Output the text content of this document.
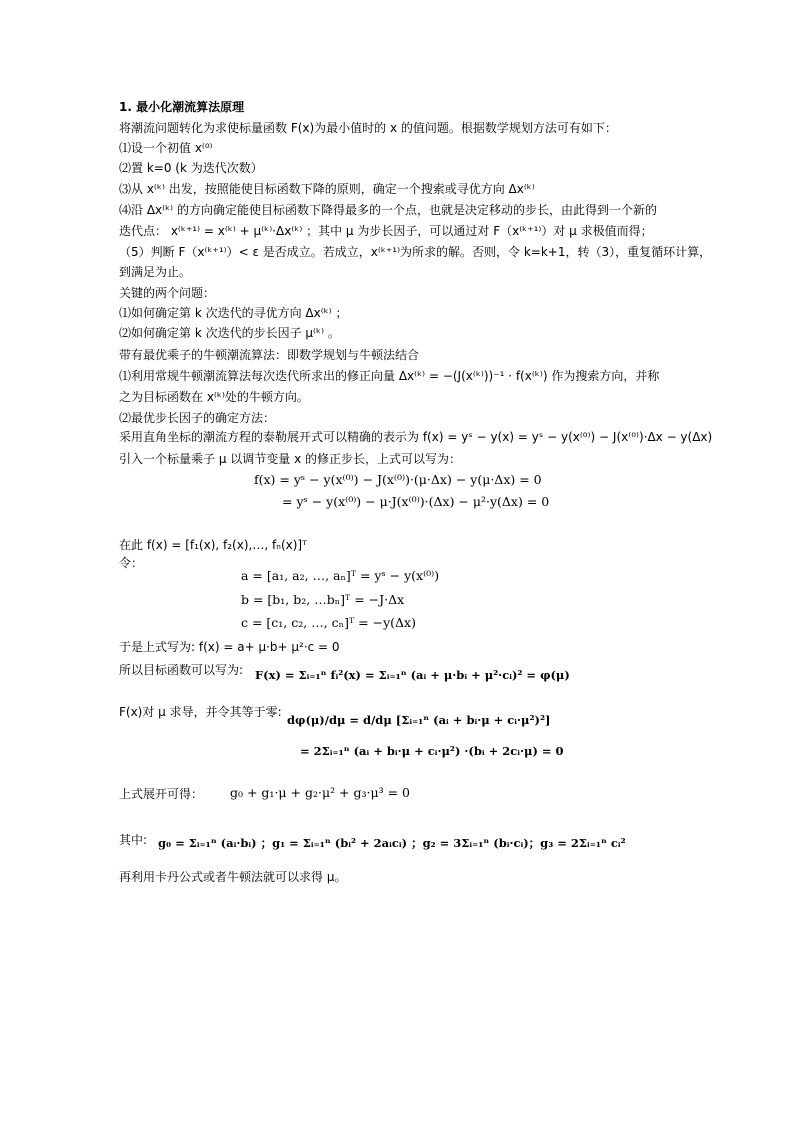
1. 最小化潮流算法原理
将潮流问题转化为求使标量函数 F(x)为最小值时的 x 的值问题。根据数学规划方法可有如下：
⑴设一个初值 x⁽⁰⁾
⑵置 k=0 (k 为迭代次数）
⑶从 x⁽ᵏ⁾ 出发，按照能使目标函数下降的原则，确定一个搜索或寻优方向 Δx⁽ᵏ⁾
⑷沿 Δx⁽ᵏ⁾ 的方向确定能使目标函数下降得最多的一个点，也就是决定移动的步长，由此得到一个新的
迭代点： x⁽ᵏ⁺¹⁾ = x⁽ᵏ⁾ + μ⁽ᵏ⁾·Δx⁽ᵏ⁾ ；其中 μ 为步长因子，可以通过对 F（x⁽ᵏ⁺¹⁾）对 μ 求极值而得；
（5）判断 F（x⁽ᵏ⁺¹⁾）< ε 是否成立。若成立，x⁽ᵏ⁺¹⁾为所求的解。否则，令 k=k+1，转（3），重复循环计算，
到满足为止。
关键的两个问题：
⑴如何确定第 k 次迭代的寻优方向 Δx⁽ᵏ⁾ ；
⑵如何确定第 k 次迭代的步长因子 μ⁽ᵏ⁾ 。
带有最优乘子的牛顿潮流算法：即数学规划与牛顿法结合
⑴利用常规牛顿潮流算法每次迭代所求出的修正向量 Δx⁽ᵏ⁾ = −(J(x⁽ᵏ⁾))⁻¹ · f(x⁽ᵏ⁾) 作为搜索方向，并称
之为目标函数在 x⁽ᵏ⁾处的牛顿方向。
⑵最优步长因子的确定方法：
采用直角坐标的潮流方程的泰勒展开式可以精确的表示为 f(x) = yˢ − y(x) = yˢ − y(x⁽⁰⁾) − J(x⁽⁰⁾)·Δx − y(Δx)
引入一个标量乘子 μ 以调节变量 x 的修正步长，上式可以写为：
f(x) = yˢ − y(x⁽⁰⁾) − J(x⁽⁰⁾)·(μ·Δx) − y(μ·Δx) = 0
= yˢ − y(x⁽⁰⁾) − μ·J(x⁽⁰⁾)·(Δx) − μ²·y(Δx) = 0
在此 f(x) = [f₁(x), f₂(x),…, fₙ(x)]ᵀ
令：
a = [a₁, a₂, …, aₙ]ᵀ = yˢ − y(x⁽⁰⁾)
b = [b₁, b₂, …bₙ]ᵀ = −J·Δx
c = [c₁, c₂, …, cₙ]ᵀ = −y(Δx)
于是上式写为: f(x) = a+ μ·b+ μ²·c = 0
所以目标函数可以写为: F(x) = Σᵢ₌₁ⁿ fᵢ²(x) = Σᵢ₌₁ⁿ (aᵢ + μ·bᵢ + μ²·cᵢ)² = φ(μ)
F(x)对 μ 求导，并令其等于零:
dφ(μ)/dμ = d/dμ [Σᵢ₌₁ⁿ (aᵢ + bᵢ·μ + cᵢ·μ²)²]
= 2Σᵢ₌₁ⁿ (aᵢ + bᵢ·μ + cᵢ·μ²) ·(bᵢ + 2cᵢ·μ) = 0
上式展开可得： g₀ + g₁·μ + g₂·μ² + g₃·μ³ = 0
其中: g₀ = Σᵢ₌₁ⁿ (aᵢ·bᵢ) ；g₁ = Σᵢ₌₁ⁿ (bᵢ² + 2aᵢcᵢ) ；g₂ = 3Σᵢ₌₁ⁿ (bᵢ·cᵢ)；g₃ = 2Σᵢ₌₁ⁿ cᵢ²
再利用卡丹公式或者牛顿法就可以求得 μ。
